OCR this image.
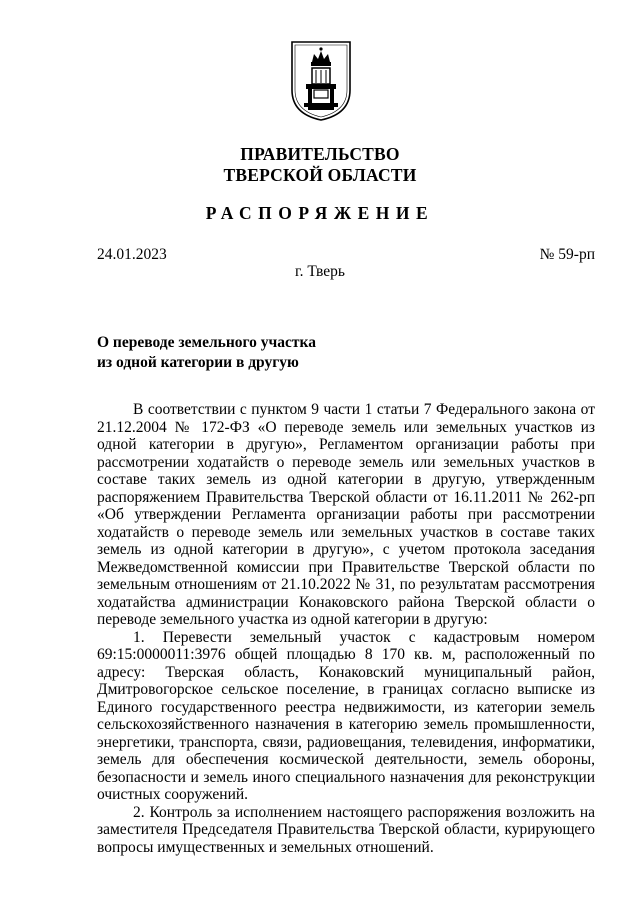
ПРАВИТЕЛЬСТВО
ТВЕРСКОЙ ОБЛАСТИ
РАСПОРЯЖЕНИЕ
24.01.2023	№ 59-рп
г. Тверь
О переводе земельного участка
из одной категории в другую

В соответствии с пунктом 9 части 1 статьи 7 Федерального закона от 21.12.2004 № 172-ФЗ «О переводе земель или земельных участков из одной категории в другую», Регламентом организации работы при рассмотрении ходатайств о переводе земель или земельных участков в составе таких земель из одной категории в другую, утвержденным распоряжением Правительства Тверской области от 16.11.2011 № 262-рп «Об утверждении Регламента организации работы при рассмотрении ходатайств о переводе земель или земельных участков в составе таких земель из одной категории в другую», с учетом протокола заседания Межведомственной комиссии при Правительстве Тверской области по земельным отношениям от 21.10.2022 № 31, по результатам рассмотрения ходатайства администрации Конаковского района Тверской области о переводе земельного участка из одной категории в другую:

1. Перевести земельный участок с кадастровым номером 69:15:0000011:3976 общей площадью 8 170 кв. м, расположенный по адресу: Тверская область, Конаковский муниципальный район, Дмитровогорское сельское поселение, в границах согласно выписке из Единого государственного реестра недвижимости, из категории земель сельскохозяйственного назначения в категорию земель промышленности, энергетики, транспорта, связи, радиовещания, телевидения, информатики, земель для обеспечения космической деятельности, земель обороны, безопасности и земель иного специального назначения для реконструкции очистных сооружений.

2. Контроль за исполнением настоящего распоряжения возложить на заместителя Председателя Правительства Тверской области, курирующего вопросы имущественных и земельных отношений.
